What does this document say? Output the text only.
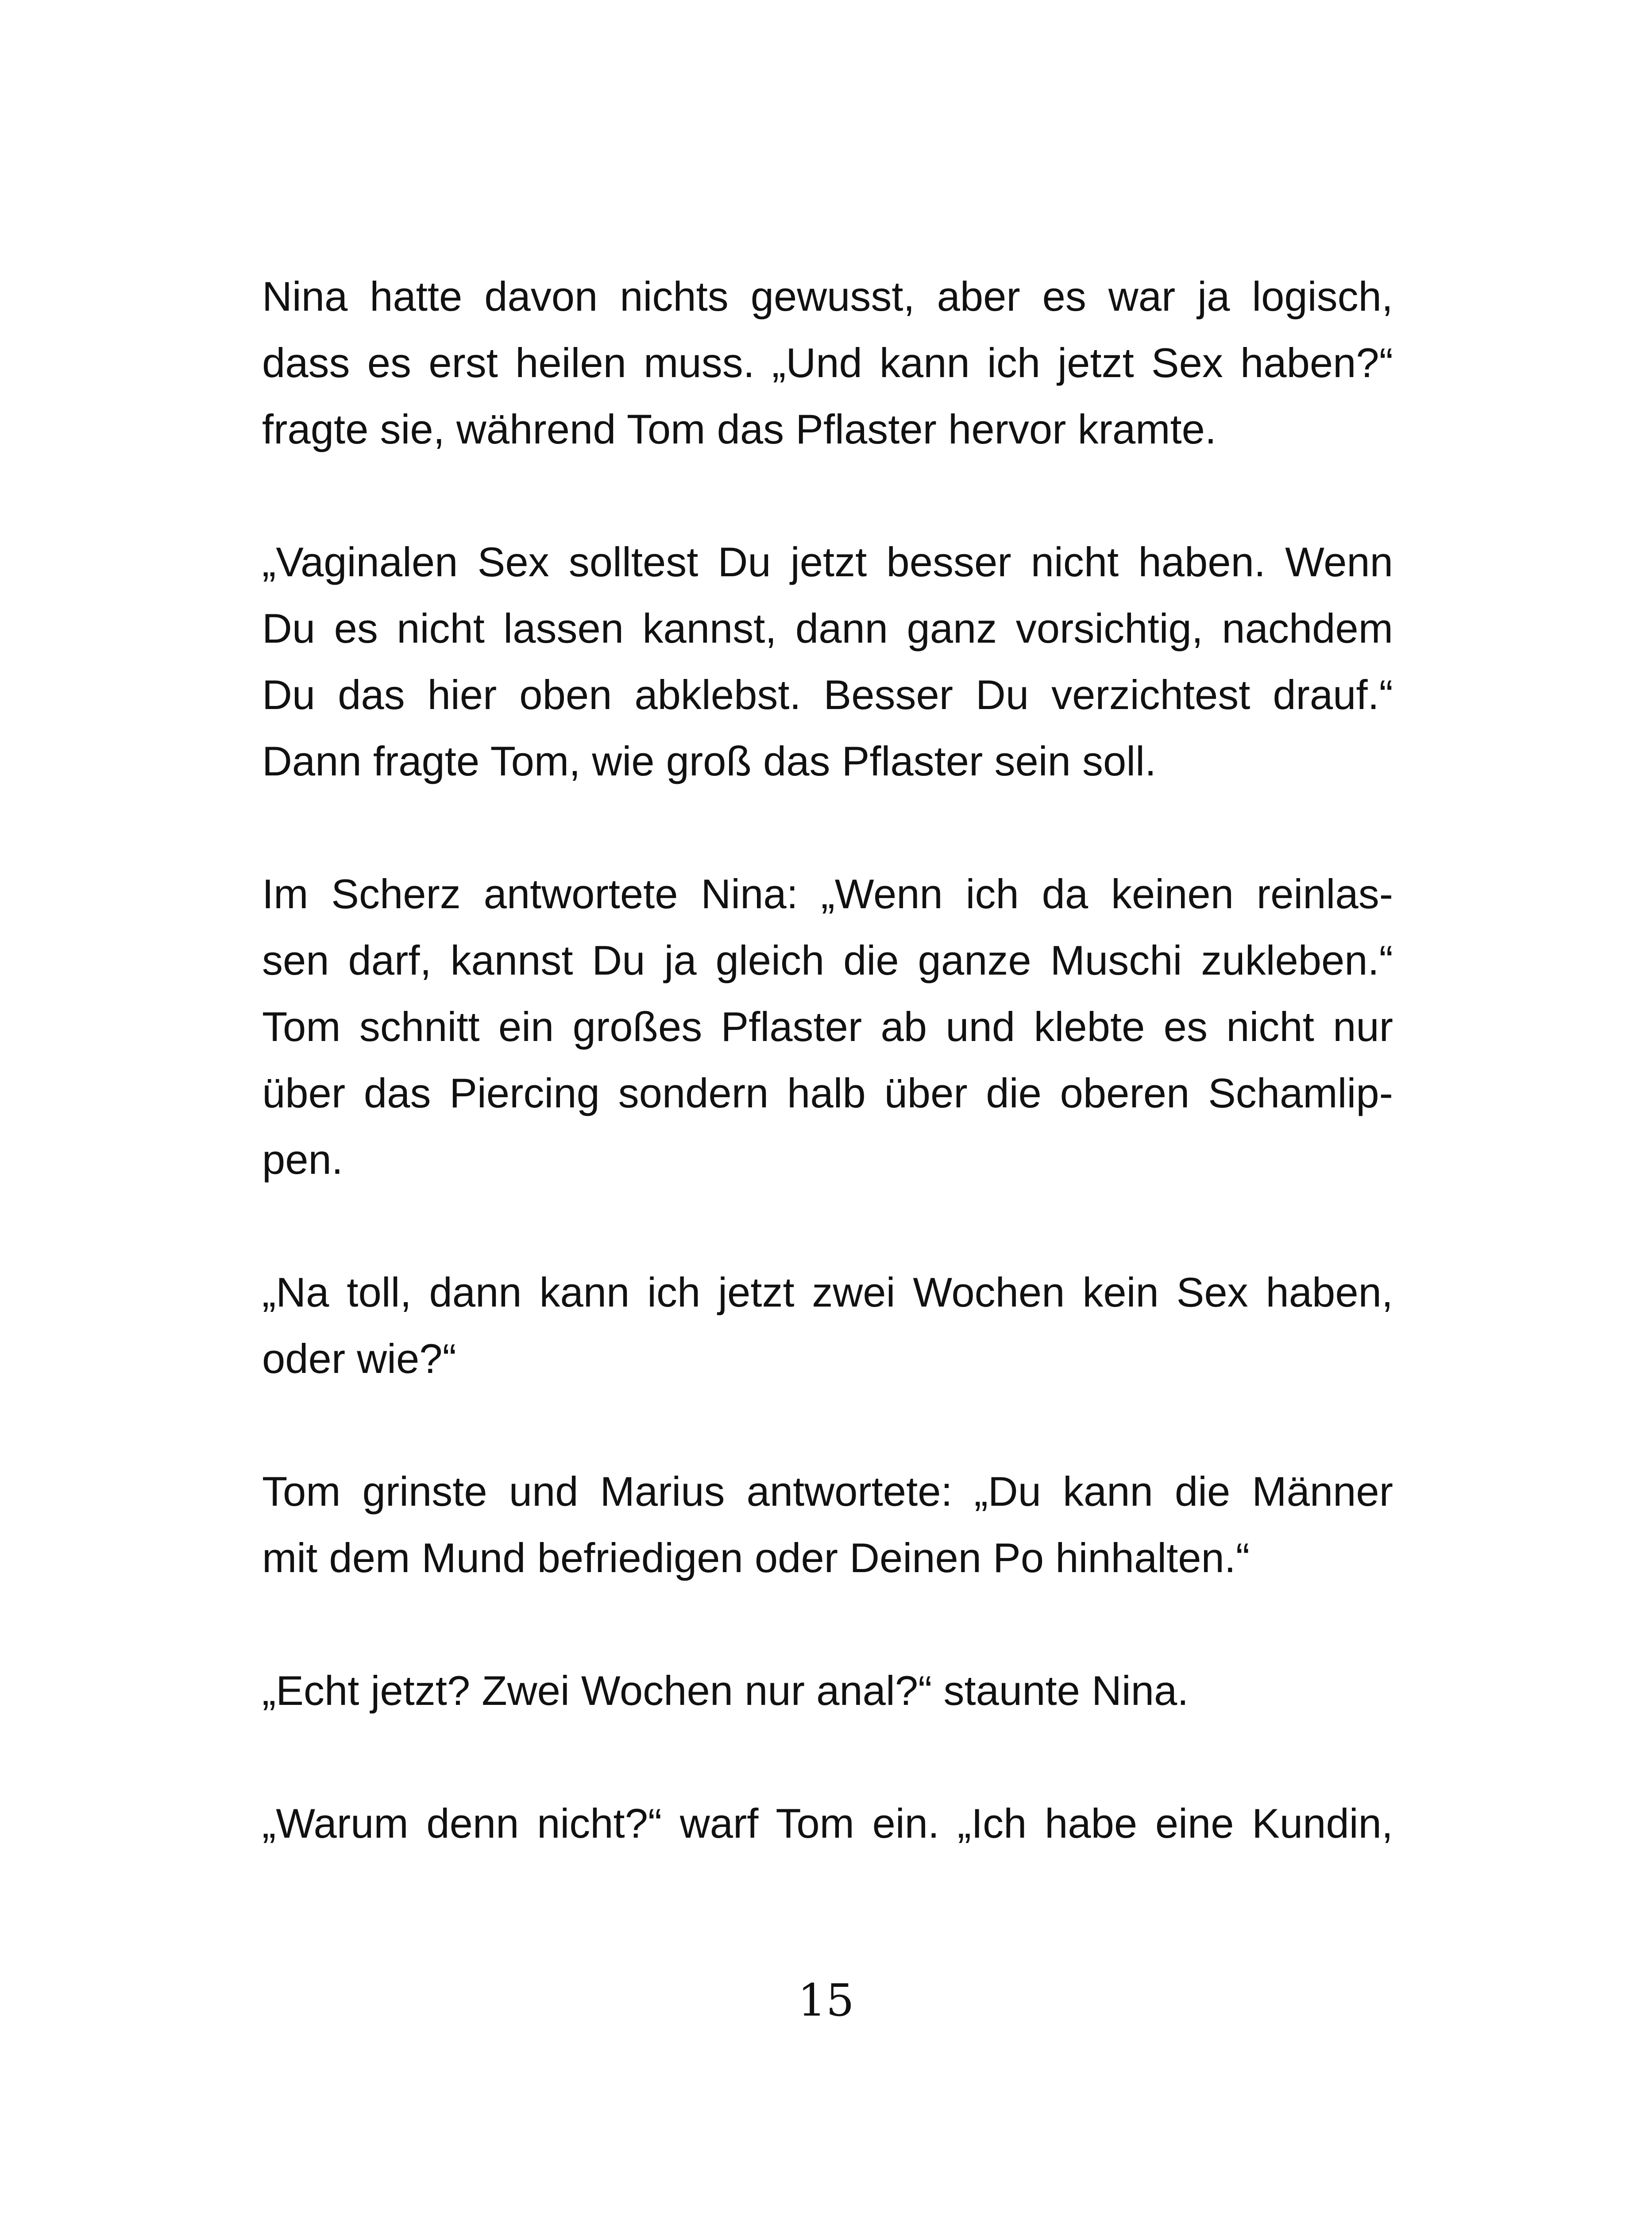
Nina hatte davon nichts gewusst, aber es war ja logisch,
dass es erst heilen muss. „Und kann ich jetzt Sex haben?“
fragte sie, während Tom das Pflaster hervor kramte.

„Vaginalen Sex solltest Du jetzt besser nicht haben. Wenn
Du es nicht lassen kannst, dann ganz vorsichtig, nachdem
Du das hier oben abklebst. Besser Du verzichtest drauf.“
Dann fragte Tom, wie groß das Pflaster sein soll.

Im Scherz antwortete Nina: „Wenn ich da keinen reinlas-
sen darf, kannst Du ja gleich die ganze Muschi zukleben.“
Tom schnitt ein großes Pflaster ab und klebte es nicht nur
über das Piercing sondern halb über die oberen Schamlip-
pen.

„Na toll, dann kann ich jetzt zwei Wochen kein Sex haben,
oder wie?“

Tom grinste und Marius antwortete: „Du kann die Männer
mit dem Mund befriedigen oder Deinen Po hinhalten.“

„Echt jetzt? Zwei Wochen nur anal?“ staunte Nina.

„Warum denn nicht?“ warf Tom ein. „Ich habe eine Kundin,

15
